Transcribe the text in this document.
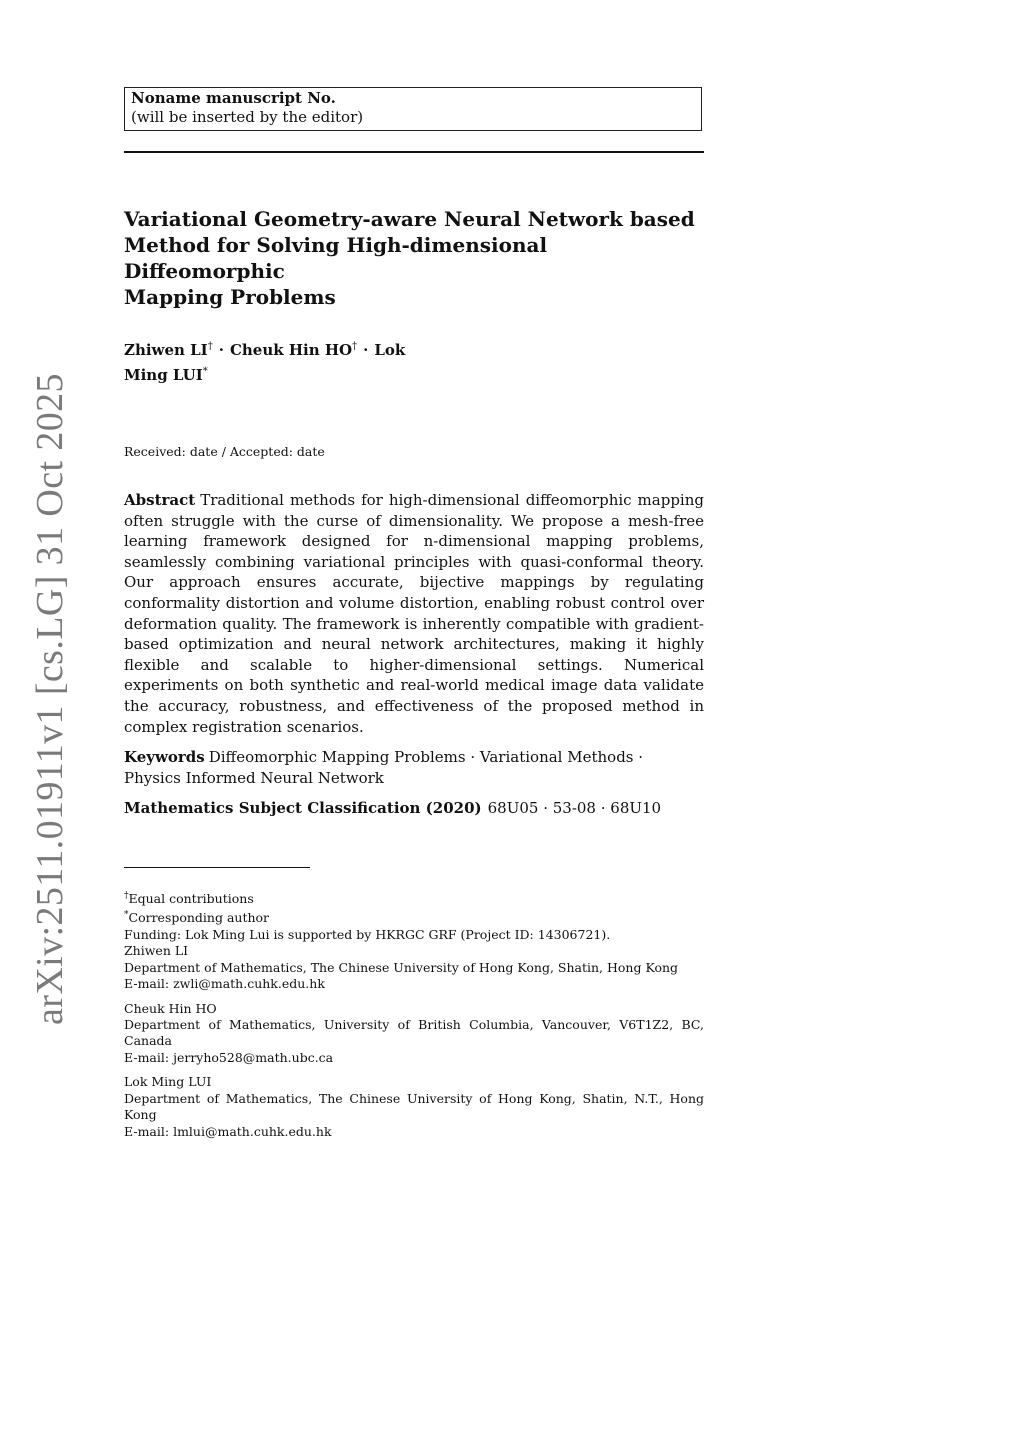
arXiv:2511.01911v1 [cs.LG] 31 Oct 2025
Noname manuscript No.
(will be inserted by the editor)
Variational Geometry-aware Neural Network based
Method for Solving High-dimensional Diffeomorphic
Mapping Problems
Zhiwen LI† · Cheuk Hin HO† · Lok
Ming LUI*
Received: date / Accepted: date
Abstract Traditional methods for high-dimensional diffeomorphic mapping often struggle with the curse of dimensionality. We propose a mesh-free learning framework designed for n-dimensional mapping problems, seamlessly combining variational principles with quasi-conformal theory. Our approach ensures accurate, bijective mappings by regulating conformality distortion and volume distortion, enabling robust control over deformation quality. The framework is inherently compatible with gradient-based optimization and neural network architectures, making it highly flexible and scalable to higher-dimensional settings. Numerical experiments on both synthetic and real-world medical image data validate the accuracy, robustness, and effectiveness of the proposed method in complex registration scenarios.
Keywords Diffeomorphic Mapping Problems · Variational Methods · Physics Informed Neural Network
Mathematics Subject Classification (2020) 68U05 · 53-08 · 68U10
†Equal contributions
*Corresponding author
Funding: Lok Ming Lui is supported by HKRGC GRF (Project ID: 14306721).
Zhiwen LI
Department of Mathematics, The Chinese University of Hong Kong, Shatin, Hong Kong
E-mail: zwli@math.cuhk.edu.hk
Cheuk Hin HO
Department of Mathematics, University of British Columbia, Vancouver, V6T1Z2, BC,
Canada
E-mail: jerryho528@math.ubc.ca
Lok Ming LUI
Department of Mathematics, The Chinese University of Hong Kong, Shatin, N.T., Hong
Kong
E-mail: lmlui@math.cuhk.edu.hk
